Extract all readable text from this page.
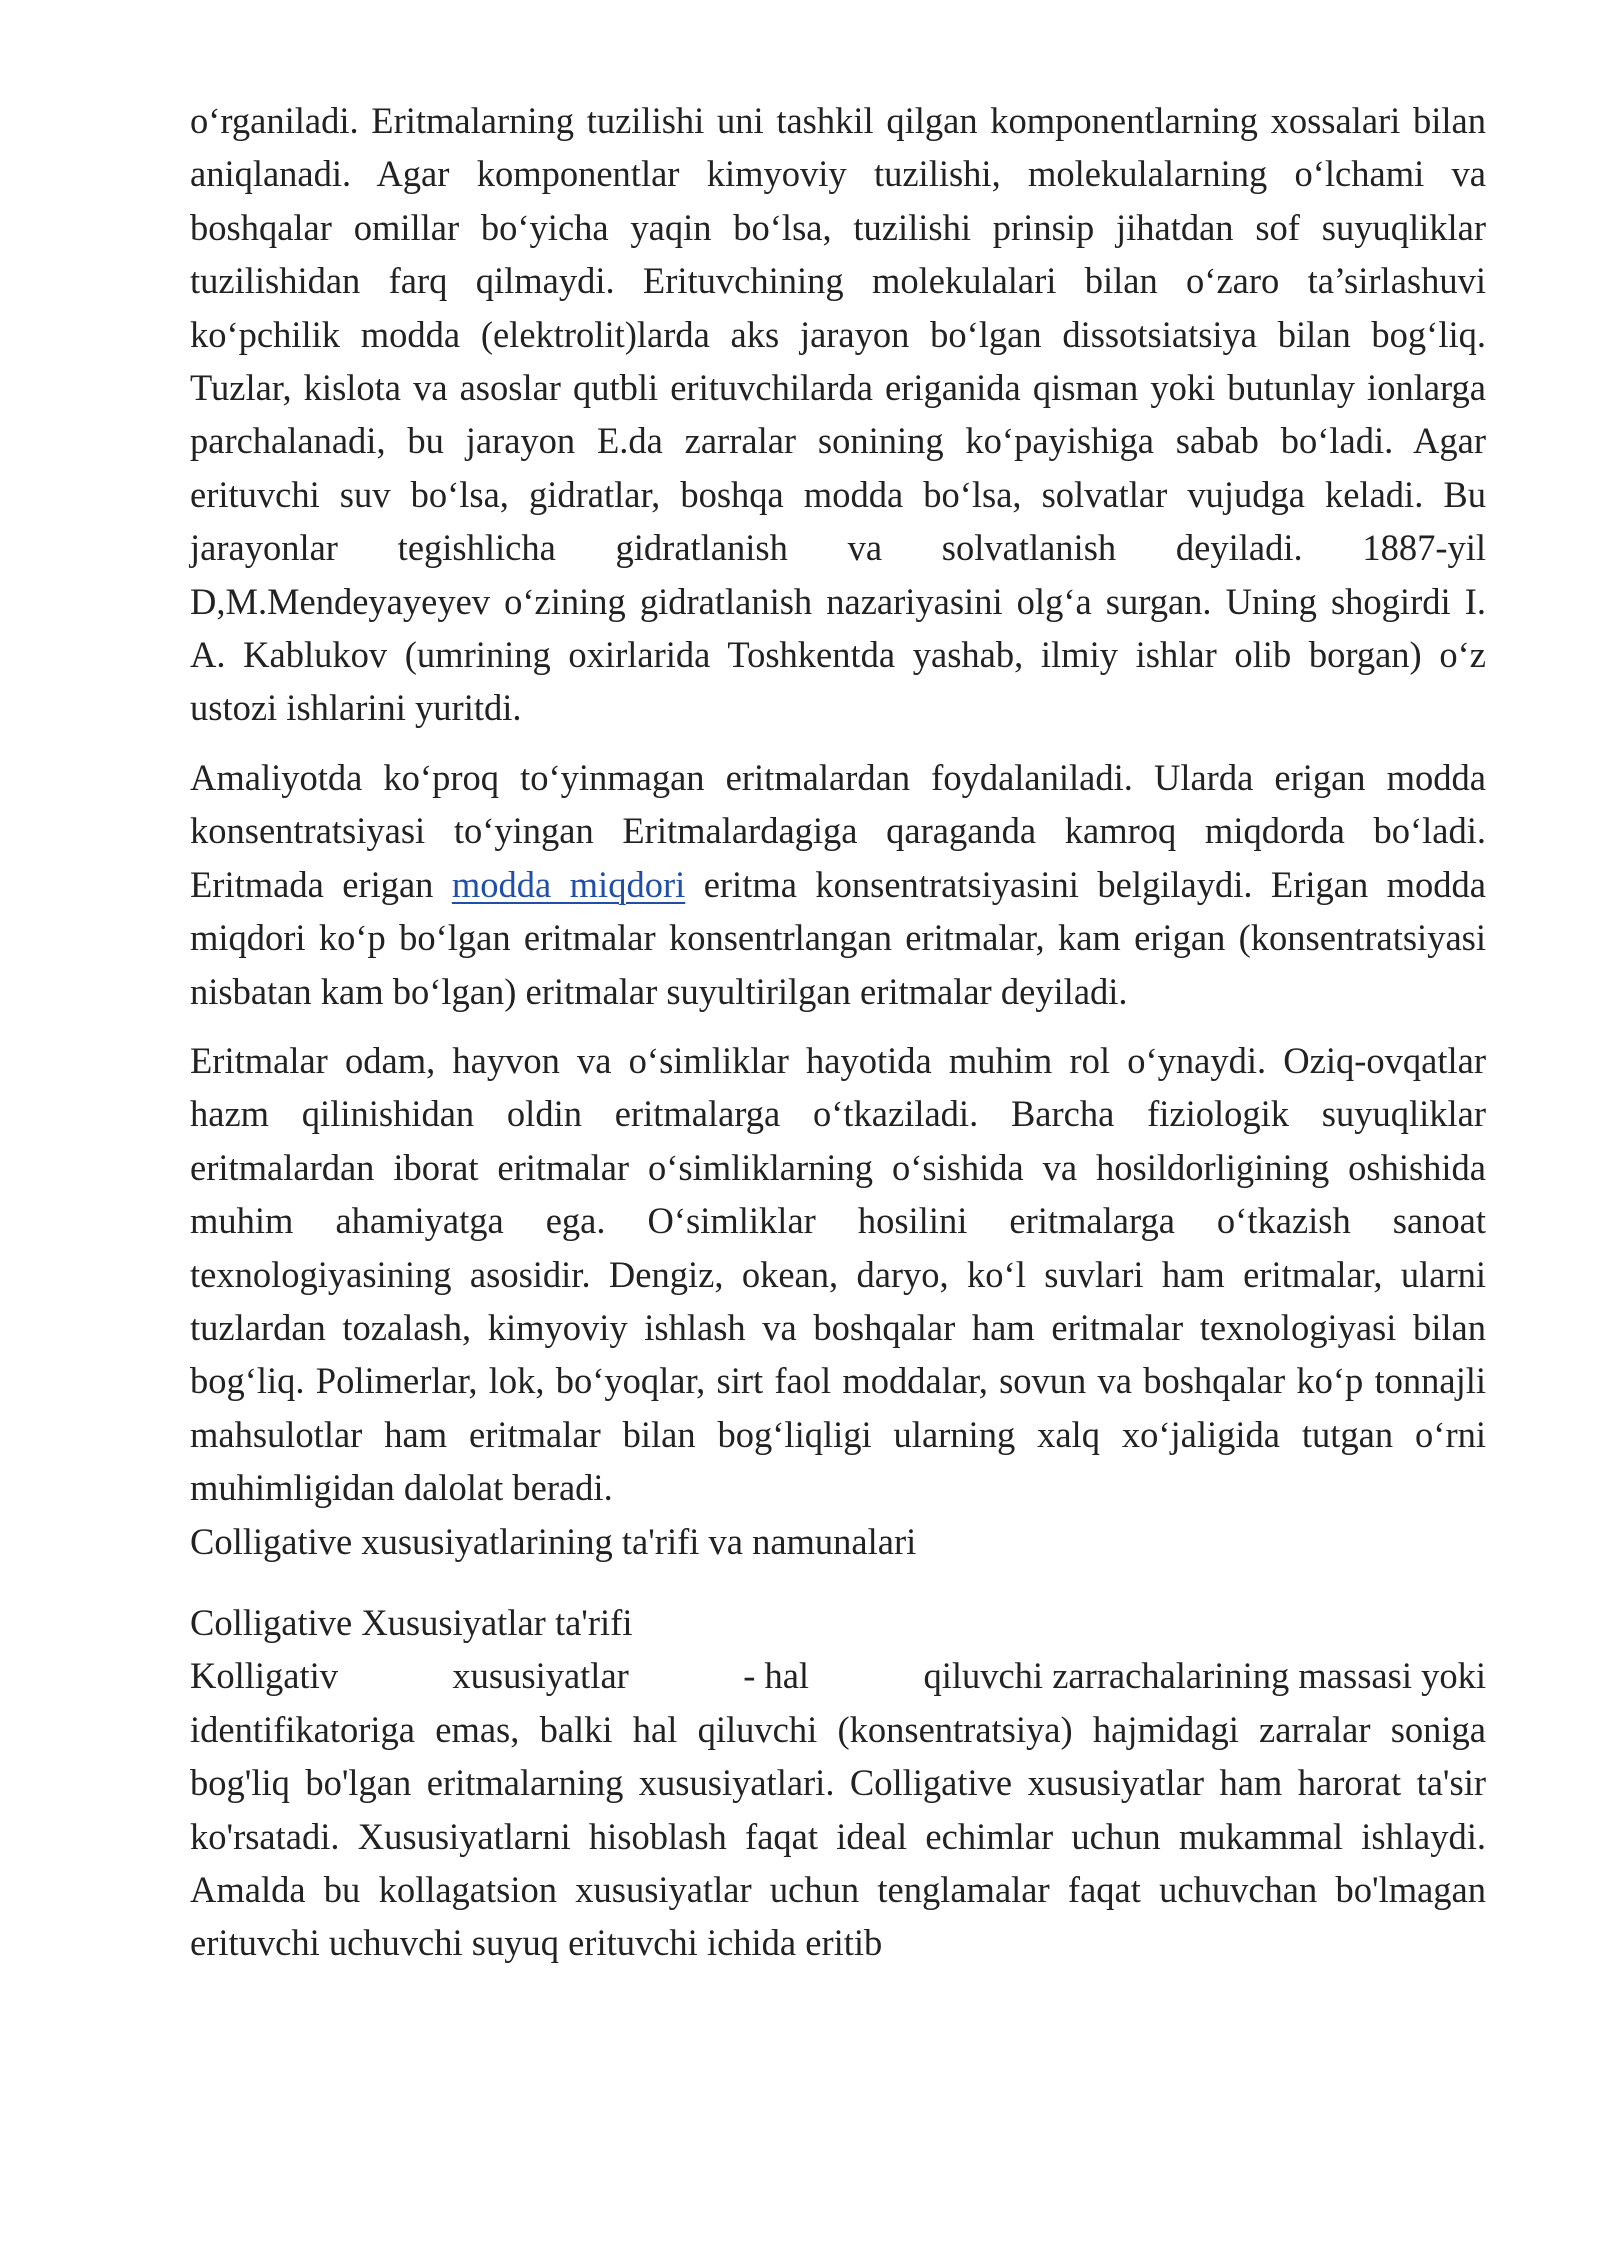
o‘rganiladi. Eritmalarning tuzilishi uni tashkil qilgan komponentlarning xossalari bilan aniqlanadi. Agar komponentlar kimyoviy tuzilishi, molekulalarning o‘lchami va boshqalar omillar bo‘yicha yaqin bo‘lsa, tuzilishi prinsip jihatdan sof suyuqliklar tuzilishidan farq qilmaydi. Erituvchining molekulalari bilan o‘zaro ta’sirlashuvi ko‘pchilik modda (elektrolit)larda aks jarayon bo‘lgan dissotsiatsiya bilan bog‘liq. Tuzlar, kislota va asoslar qutbli erituvchilarda eriganida qisman yoki butunlay ionlarga parchalanadi, bu jarayon E.da zarralar sonining ko‘payishiga sabab bo‘ladi. Agar erituvchi suv bo‘lsa, gidratlar, boshqa modda bo‘lsa, solvatlar vujudga keladi. Bu jarayonlar tegishlicha gidratlanish va solvatlanish deyiladi. 1887-yil D,M.Mendeyayeyev o‘zining gidratlanish nazariyasini olg‘a surgan. Uning shogirdi I. A. Kablukov (umrining oxirlarida Toshkentda yashab, ilmiy ishlar olib borgan) o‘z ustozi ishlarini yuritdi.

Amaliyotda ko‘proq to‘yinmagan eritmalardan foydalaniladi. Ularda erigan modda konsentratsiyasi to‘yingan Eritmalardagiga qaraganda kamroq miqdorda bo‘ladi. Eritmada erigan modda miqdori eritma konsentratsiyasini belgilaydi. Erigan modda miqdori ko‘p bo‘lgan eritmalar konsentrlangan eritmalar, kam erigan (konsentratsiyasi nisbatan kam bo‘lgan) eritmalar suyultirilgan eritmalar deyiladi.

Eritmalar odam, hayvon va o‘simliklar hayotida muhim rol o‘ynaydi. Oziq-ovqatlar hazm qilinishidan oldin eritmalarga o‘tkaziladi. Barcha fiziologik suyuqliklar eritmalardan iborat eritmalar o‘simliklarning o‘sishida va hosildorligining oshishida muhim ahamiyatga ega. O‘simliklar hosilini eritmalarga o‘tkazish sanoat texnologiyasining asosidir. Dengiz, okean, daryo, ko‘l suvlari ham eritmalar, ularni tuzlardan tozalash, kimyoviy ishlash va boshqalar ham eritmalar texnologiyasi bilan bog‘liq. Polimerlar, lok, bo‘yoqlar, sirt faol moddalar, sovun va boshqalar ko‘p tonnajli mahsulotlar ham eritmalar bilan bog‘liqligi ularning xalq xo‘jaligida tutgan o‘rni muhimligidan dalolat beradi.

Colligative xususiyatlarining ta'rifi va namunalari

Colligative Xususiyatlar ta'rifi

Kolligativ	xususiyatlar	- hal	qiluvchi zarrachalarining massasi yoki

identifikatoriga emas, balki hal qiluvchi (konsentratsiya) hajmidagi zarralar soniga bog'liq bo'lgan eritmalarning xususiyatlari. Colligative xususiyatlar ham harorat ta'sir ko'rsatadi. Xususiyatlarni hisoblash faqat ideal echimlar uchun mukammal ishlaydi. Amalda bu kollagatsion xususiyatlar uchun tenglamalar faqat uchuvchan bo'lmagan erituvchi uchuvchi suyuq erituvchi ichida eritib
